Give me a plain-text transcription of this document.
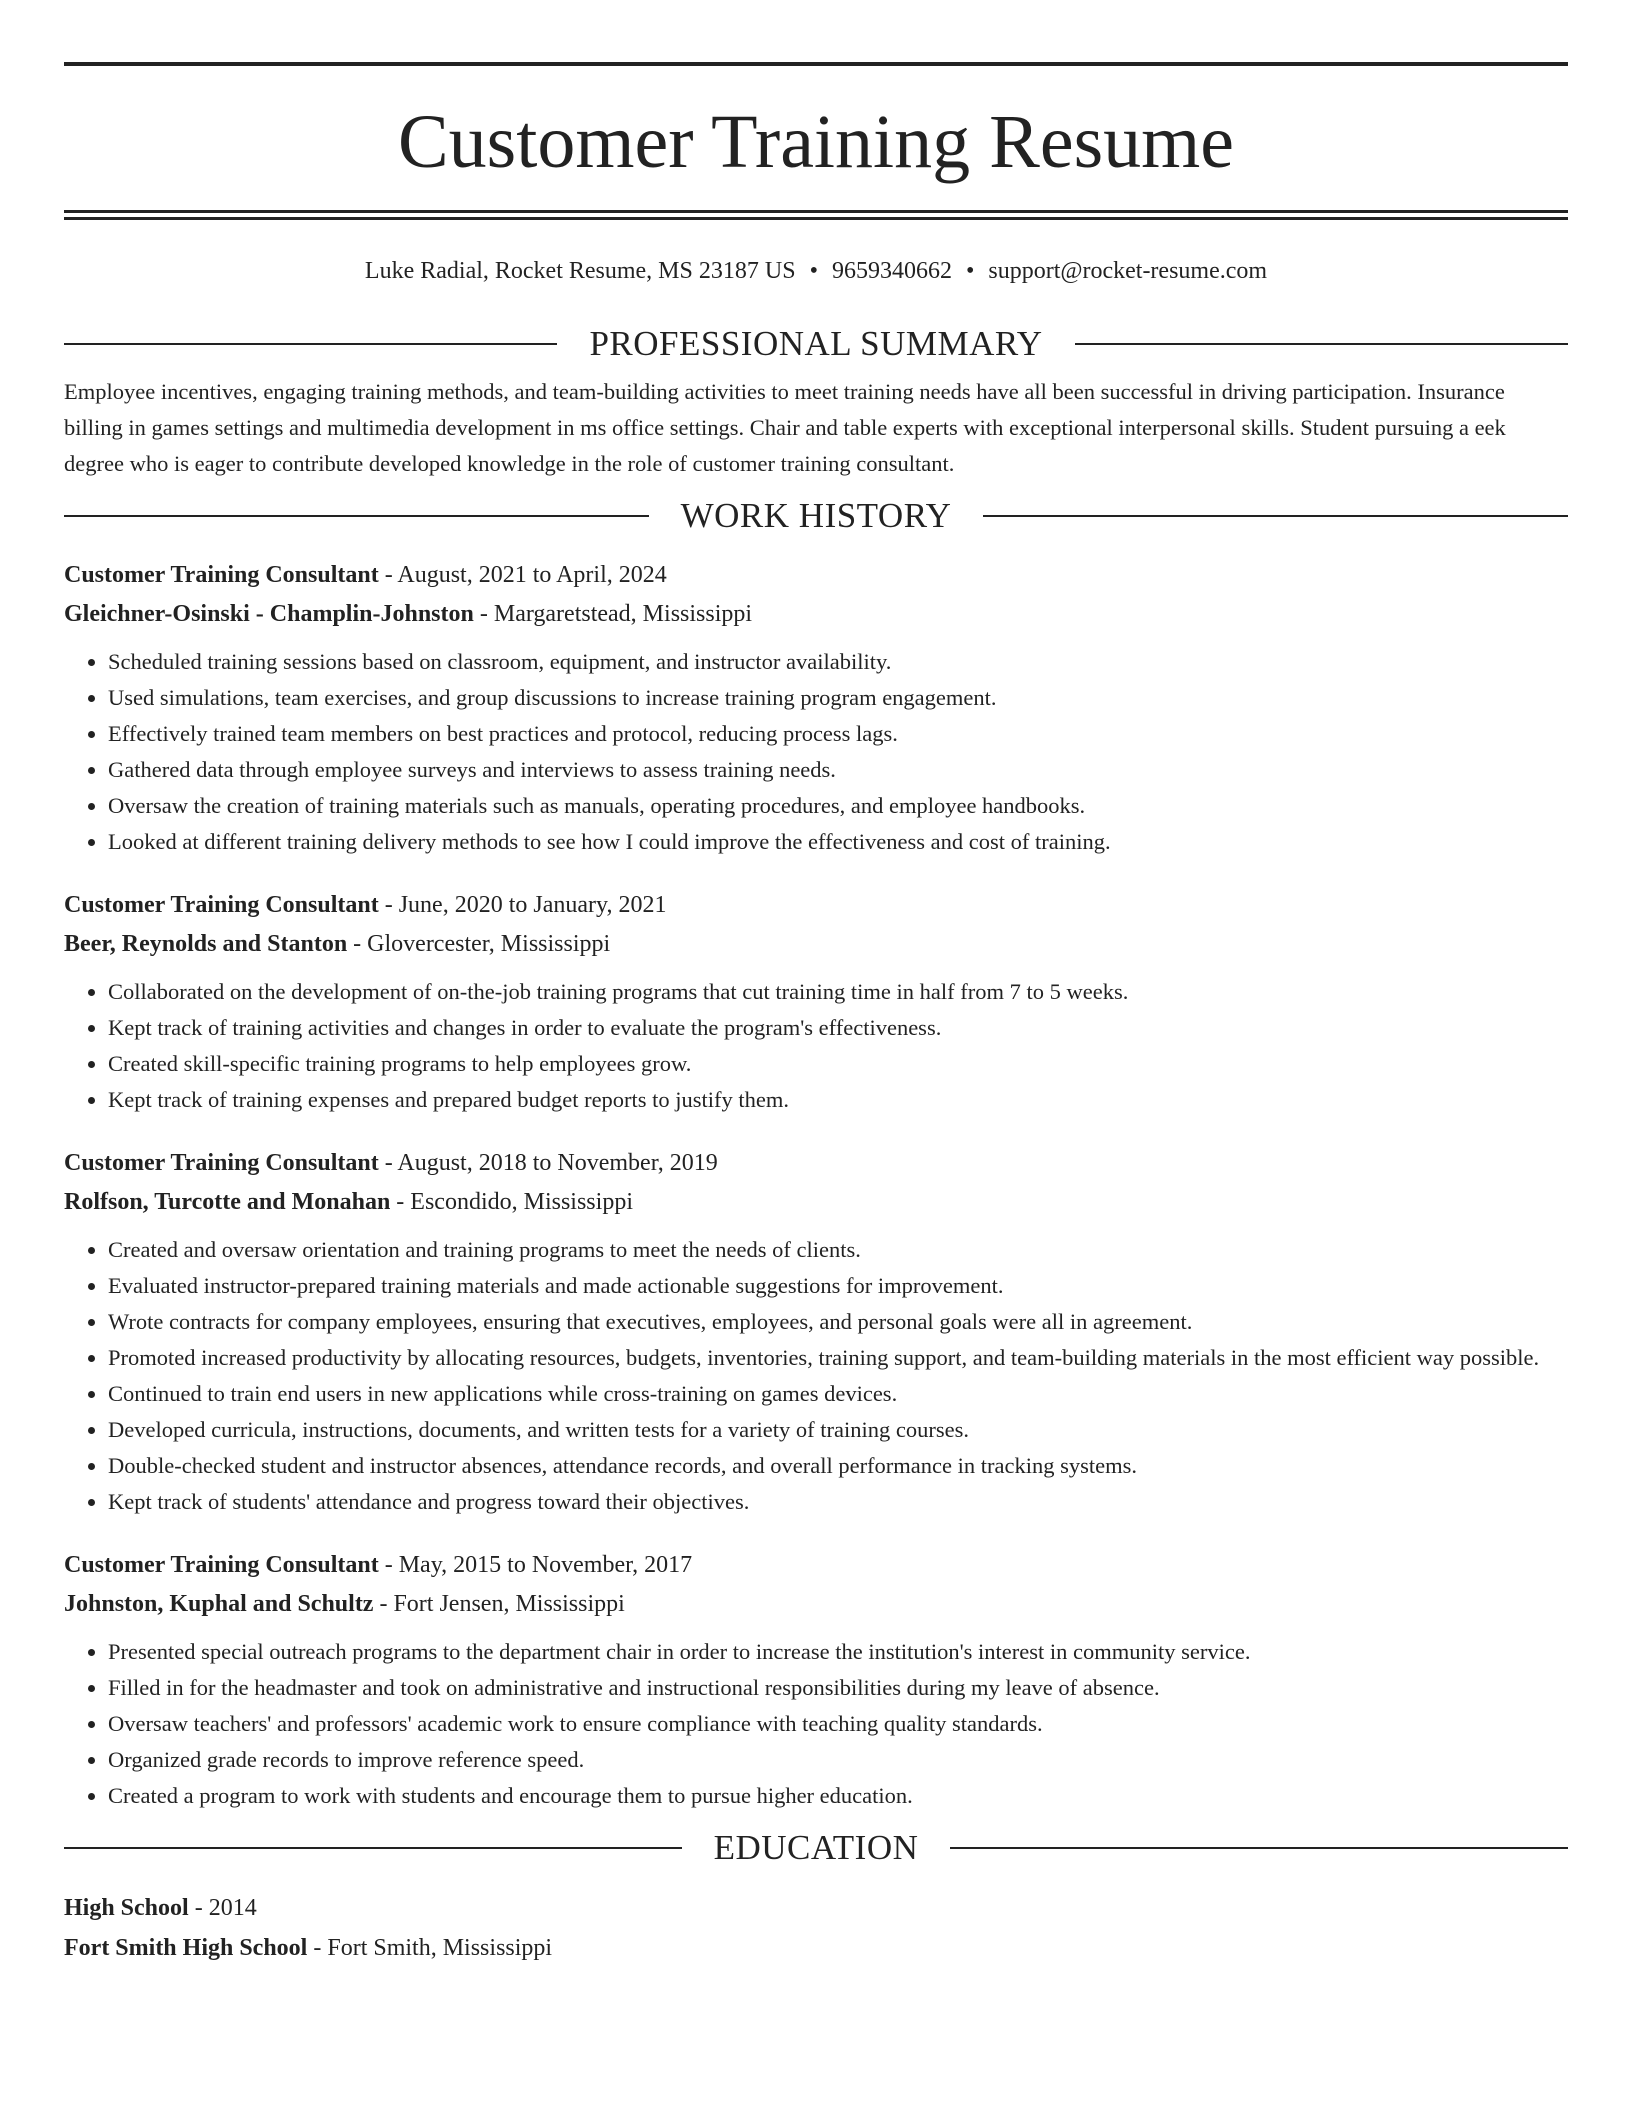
Customer Training Resume
Luke Radial, Rocket Resume, MS 23187 US • 9659340662 • support@rocket-resume.com
PROFESSIONAL SUMMARY
Employee incentives, engaging training methods, and team-building activities to meet training needs have all been successful in driving participation. Insurance billing in games settings and multimedia development in ms office settings. Chair and table experts with exceptional interpersonal skills. Student pursuing a eek degree who is eager to contribute developed knowledge in the role of customer training consultant.
WORK HISTORY
Customer Training Consultant - August, 2021 to April, 2024
Gleichner-Osinski - Champlin-Johnston - Margaretstead, Mississippi
• Scheduled training sessions based on classroom, equipment, and instructor availability.
• Used simulations, team exercises, and group discussions to increase training program engagement.
• Effectively trained team members on best practices and protocol, reducing process lags.
• Gathered data through employee surveys and interviews to assess training needs.
• Oversaw the creation of training materials such as manuals, operating procedures, and employee handbooks.
• Looked at different training delivery methods to see how I could improve the effectiveness and cost of training.
Customer Training Consultant - June, 2020 to January, 2021
Beer, Reynolds and Stanton - Glovercester, Mississippi
• Collaborated on the development of on-the-job training programs that cut training time in half from 7 to 5 weeks.
• Kept track of training activities and changes in order to evaluate the program's effectiveness.
• Created skill-specific training programs to help employees grow.
• Kept track of training expenses and prepared budget reports to justify them.
Customer Training Consultant - August, 2018 to November, 2019
Rolfson, Turcotte and Monahan - Escondido, Mississippi
• Created and oversaw orientation and training programs to meet the needs of clients.
• Evaluated instructor-prepared training materials and made actionable suggestions for improvement.
• Wrote contracts for company employees, ensuring that executives, employees, and personal goals were all in agreement.
• Promoted increased productivity by allocating resources, budgets, inventories, training support, and team-building materials in the most efficient way possible.
• Continued to train end users in new applications while cross-training on games devices.
• Developed curricula, instructions, documents, and written tests for a variety of training courses.
• Double-checked student and instructor absences, attendance records, and overall performance in tracking systems.
• Kept track of students' attendance and progress toward their objectives.
Customer Training Consultant - May, 2015 to November, 2017
Johnston, Kuphal and Schultz - Fort Jensen, Mississippi
• Presented special outreach programs to the department chair in order to increase the institution's interest in community service.
• Filled in for the headmaster and took on administrative and instructional responsibilities during my leave of absence.
• Oversaw teachers' and professors' academic work to ensure compliance with teaching quality standards.
• Organized grade records to improve reference speed.
• Created a program to work with students and encourage them to pursue higher education.
EDUCATION
High School - 2014
Fort Smith High School - Fort Smith, Mississippi
